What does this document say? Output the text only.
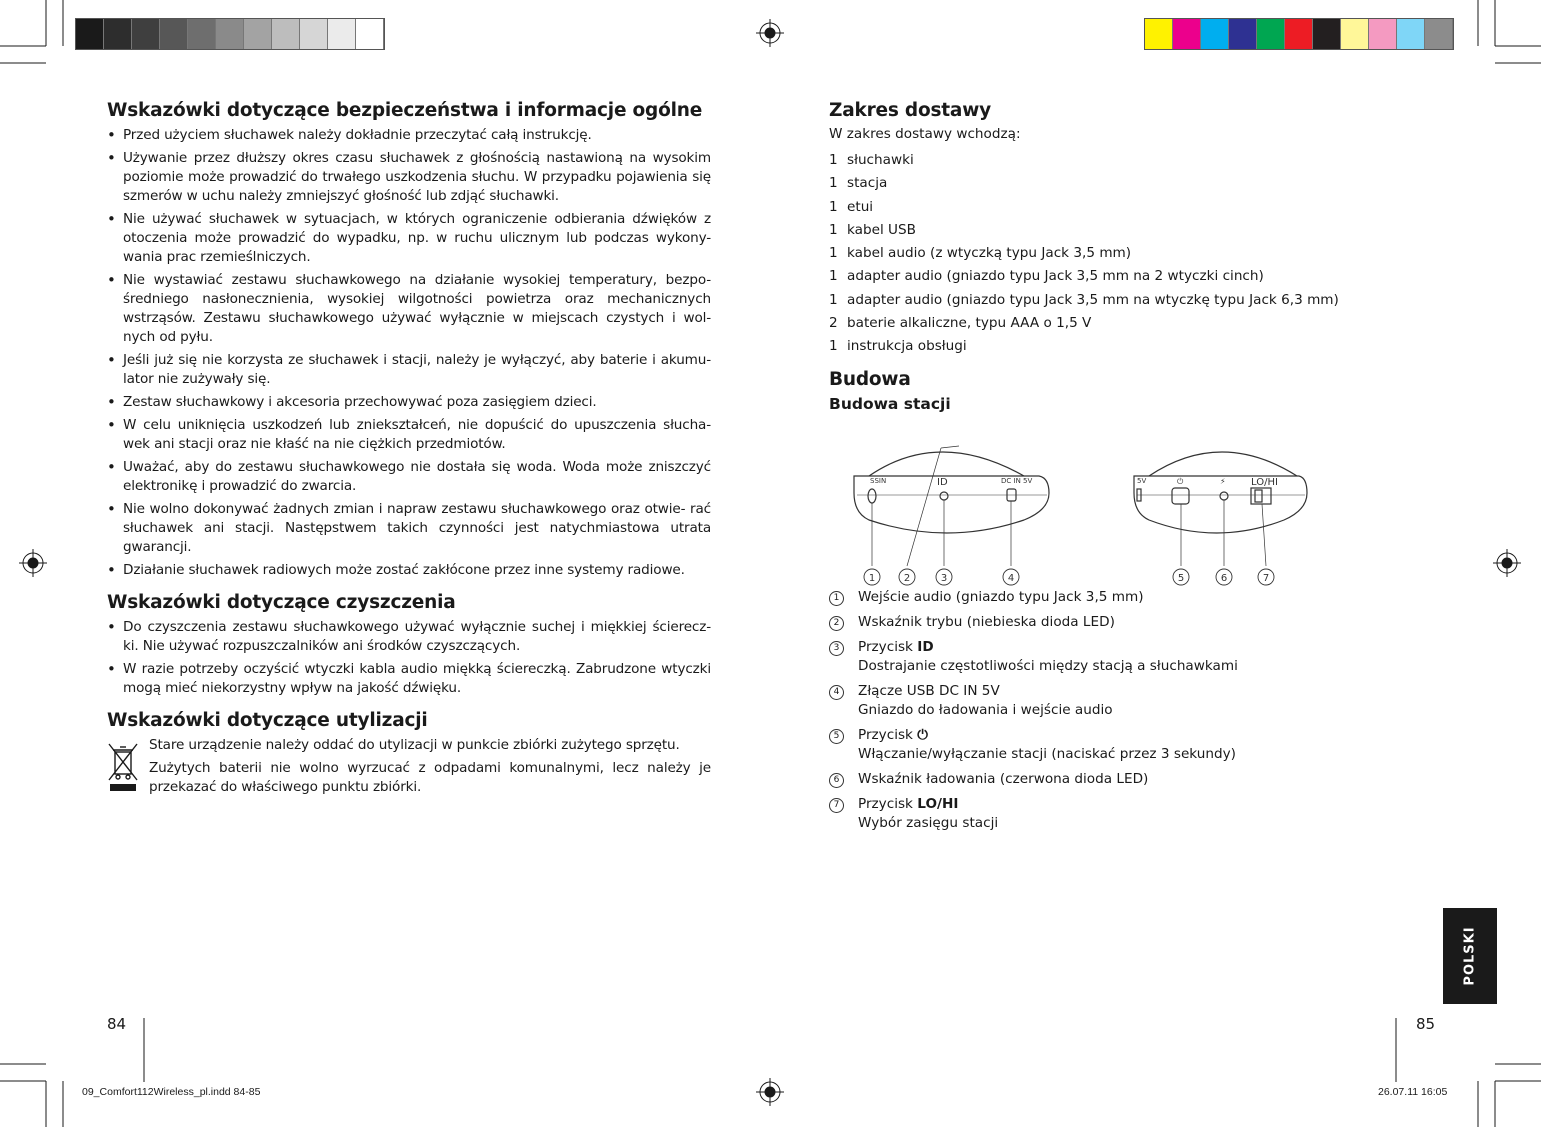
Wskazówki dotyczące bezpieczeństwa i informacje ogólne
• Przed użyciem słuchawek należy dokładnie przeczytać całą instrukcję.
• Używanie przez dłuższy okres czasu słuchawek z głośnością nastawioną na wysokim poziomie może prowadzić do trwałego uszkodzenia słuchu. W przypadku pojawienia się szmerów w uchu należy zmniejszyć głośność lub zdjąć słuchawki.
• Nie używać słuchawek w sytuacjach, w których ograniczenie odbierania dźwięków z otoczenia może prowadzić do wypadku, np. w ruchu ulicznym lub podczas wykony- wania prac rzemieślniczych.
• Nie wystawiać zestawu słuchawkowego na działanie wysokiej temperatury, bezpo- średniego nasłonecznienia, wysokiej wilgotności powietrza oraz mechanicznych wstrząsów. Zestawu słuchawkowego używać wyłącznie w miejscach czystych i wol- nych od pyłu.
• Jeśli już się nie korzysta ze słuchawek i stacji, należy je wyłączyć, aby baterie i akumu- lator nie zużywały się.
• Zestaw słuchawkowy i akcesoria przechowywać poza zasięgiem dzieci.
• W celu uniknięcia uszkodzeń lub zniekształceń, nie dopuścić do upuszczenia słucha- wek ani stacji oraz nie kłaść na nie ciężkich przedmiotów.
• Uważać, aby do zestawu słuchawkowego nie dostała się woda. Woda może zniszczyć elektronikę i prowadzić do zwarcia.
• Nie wolno dokonywać żadnych zmian i napraw zestawu słuchawkowego oraz otwie- rać słuchawek ani stacji. Następstwem takich czynności jest natychmiastowa utrata gwarancji.
• Działanie słuchawek radiowych może zostać zakłócone przez inne systemy radiowe.
Wskazówki dotyczące czyszczenia
• Do czyszczenia zestawu słuchawkowego używać wyłącznie suchej i miękkiej ścierecz- ki. Nie używać rozpuszczalników ani środków czyszczących.
• W razie potrzeby oczyścić wtyczki kabla audio miękką ściereczką. Zabrudzone wtyczki mogą mieć niekorzystny wpływ na jakość dźwięku.
Wskazówki dotyczące utylizacji

Stare urządzenie należy oddać do utylizacji w punkcie zbiórki zużytego sprzętu.

Zużytych baterii nie wolno wyrzucać z odpadami komunalnymi, lecz należy je przekazać do właściwego punktu zbiórki.

84
Zakres dostawy

W zakres dostawy wchodzą:

1 słuchawki
1 stacja
1 etui
1 kabel USB
1 kabel audio (z wtyczką typu Jack 3,5 mm)
1 adapter audio (gniazdo typu Jack 3,5 mm na 2 wtyczki cinch)
1 adapter audio (gniazdo typu Jack 3,5 mm na wtyczkę typu Jack 6,3 mm)
2 baterie alkaliczne, typu AAA o 1,5 V
1 instrukcja obsługi
Budowa
Budowa stacji
SSIN	ID	DC IN 5V	5V	LO/HI
⏻	⚡
1	2	3	4	5	6	7
1	Wejście audio (gniazdo typu Jack 3,5 mm)
2	Wskaźnik trybu (niebieska dioda LED)
3	Przycisk ID
Dostrajanie częstotliwości między stacją a słuchawkami
4	Złącze USB DC IN 5V
Gniazdo do ładowania i wejście audio
5	Przycisk ⏻
Włączanie/wyłączanie stacji (naciskać przez 3 sekundy)
6	Wskaźnik ładowania (czerwona dioda LED)
7	Przycisk LO/HI
Wybór zasięgu stacji
POLSKI
85
09_Comfort112Wireless_pl.indd 84-85	26.07.11 16:05
